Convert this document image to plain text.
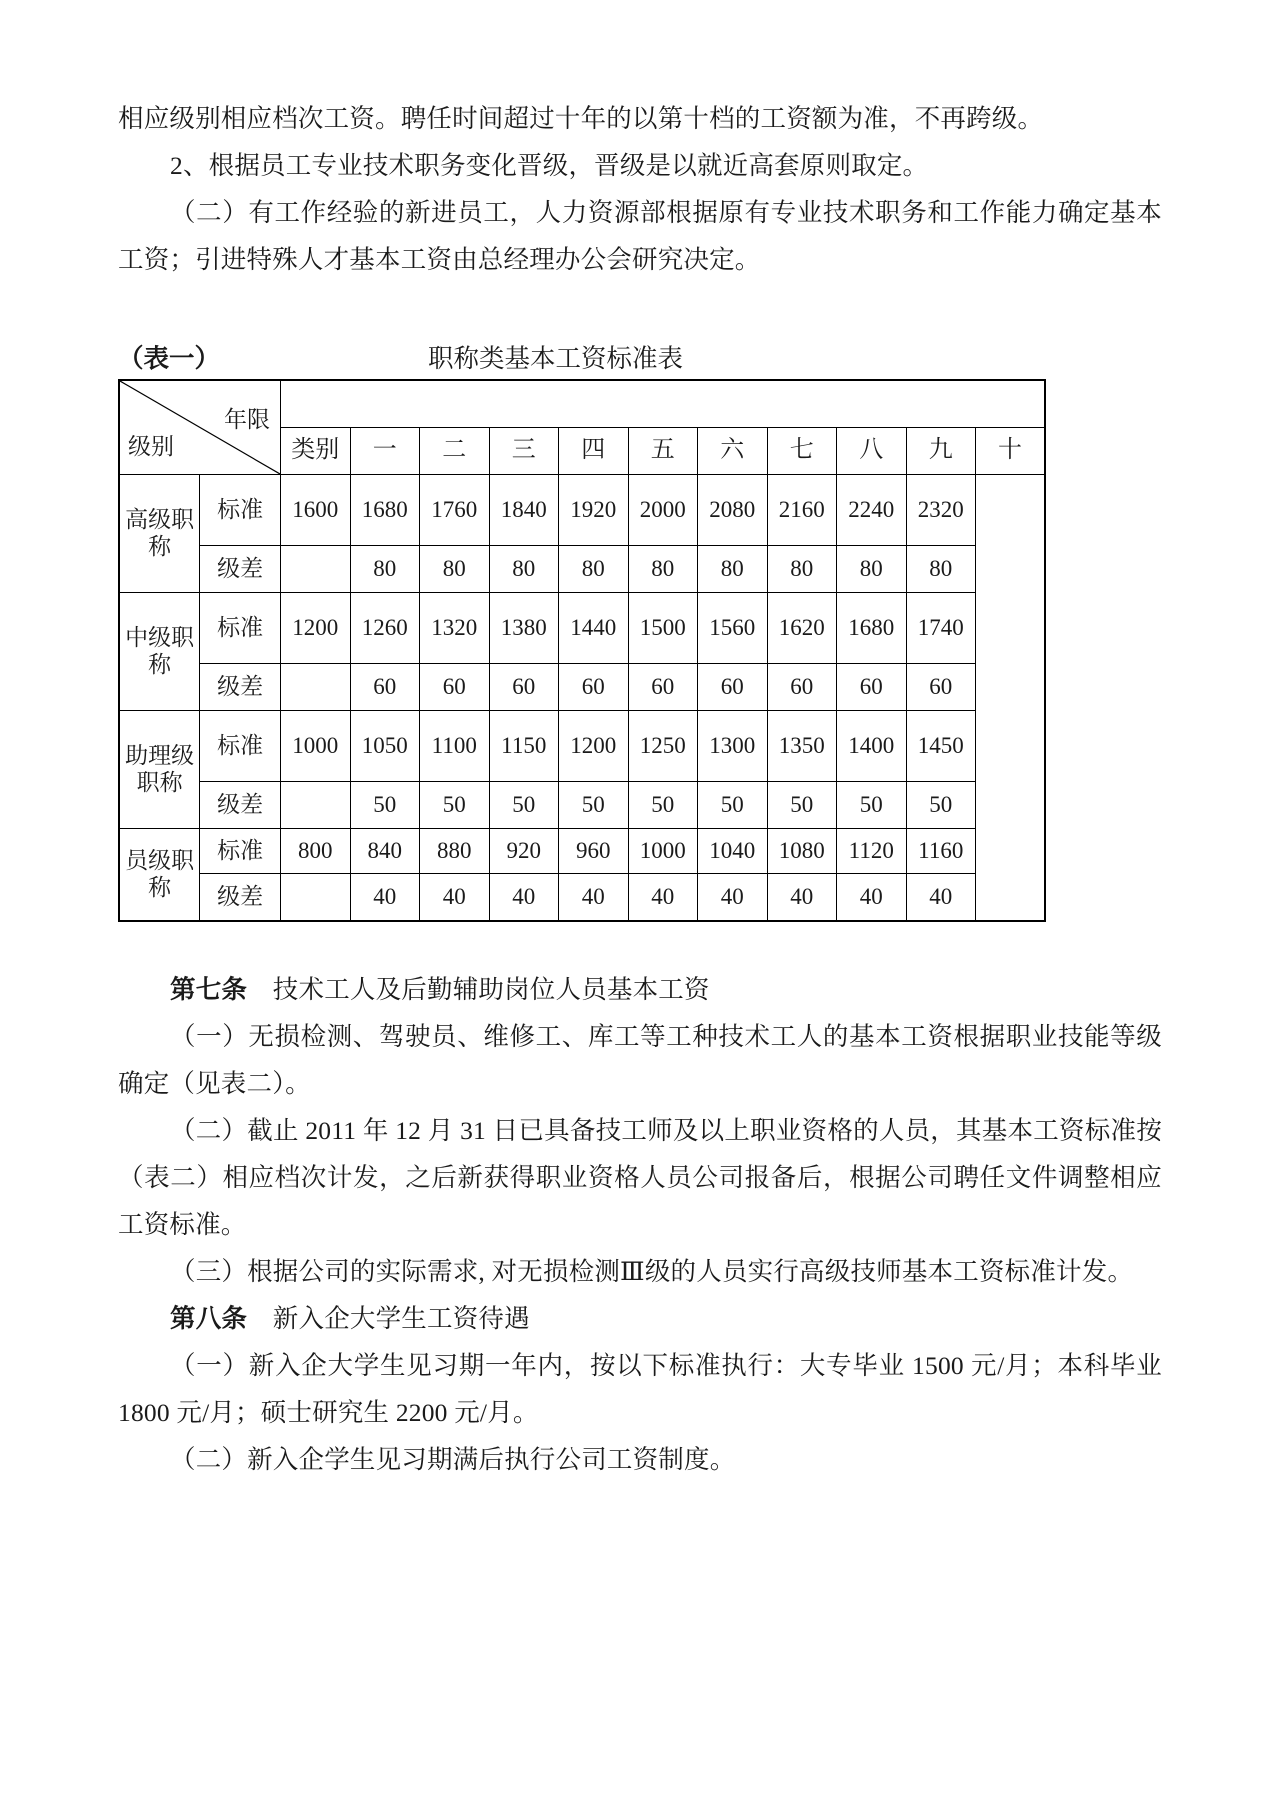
相应级别相应档次工资。聘任时间超过十年的以第十档的工资额为准，不再跨级。

2、根据员工专业技术职务变化晋级，晋级是以就近高套原则取定。

（二）有工作经验的新进员工，人力资源部根据原有专业技术职务和工作能力确定基本工资；引进特殊人才基本工资由总经理办公会研究决定。

（表一）	职称类基本工资标准表
年限
级别												

		类别	一	二	三	四	五	六	七	八	九	十
高级职称	标准	1600	1680	1760	1840	1920	2000	2080	2160	2240	2320	
	级差		80	80	80	80	80	80	80	80	80	
中级职称	标准	1200	1260	1320	1380	1440	1500	1560	1620	1680	1740	
	级差		60	60	60	60	60	60	60	60	60	
助理级职称	标准	1000	1050	1100	1150	1200	1250	1300	1350	1400	1450	
	级差		50	50	50	50	50	50	50	50	50	
员级职称	标准	800	840	880	920	960	1000	1040	1080	1120	1160	
	级差		40	40	40	40	40	40	40	40	40	

第七条　技术工人及后勤辅助岗位人员基本工资

（一）无损检测、驾驶员、维修工、库工等工种技术工人的基本工资根据职业技能等级确定（见表二）。

（二）截止 2011 年 12 月 31 日已具备技工师及以上职业资格的人员，其基本工资标准按（表二）相应档次计发，之后新获得职业资格人员公司报备后，根据公司聘任文件调整相应工资标准。

（三）根据公司的实际需求, 对无损检测Ⅲ级的人员实行高级技师基本工资标准计发。

第八条　新入企大学生工资待遇

（一）新入企大学生见习期一年内，按以下标准执行：大专毕业 1500 元/月；本科毕业 1800 元/月；硕士研究生 2200 元/月。

（二）新入企学生见习期满后执行公司工资制度。
